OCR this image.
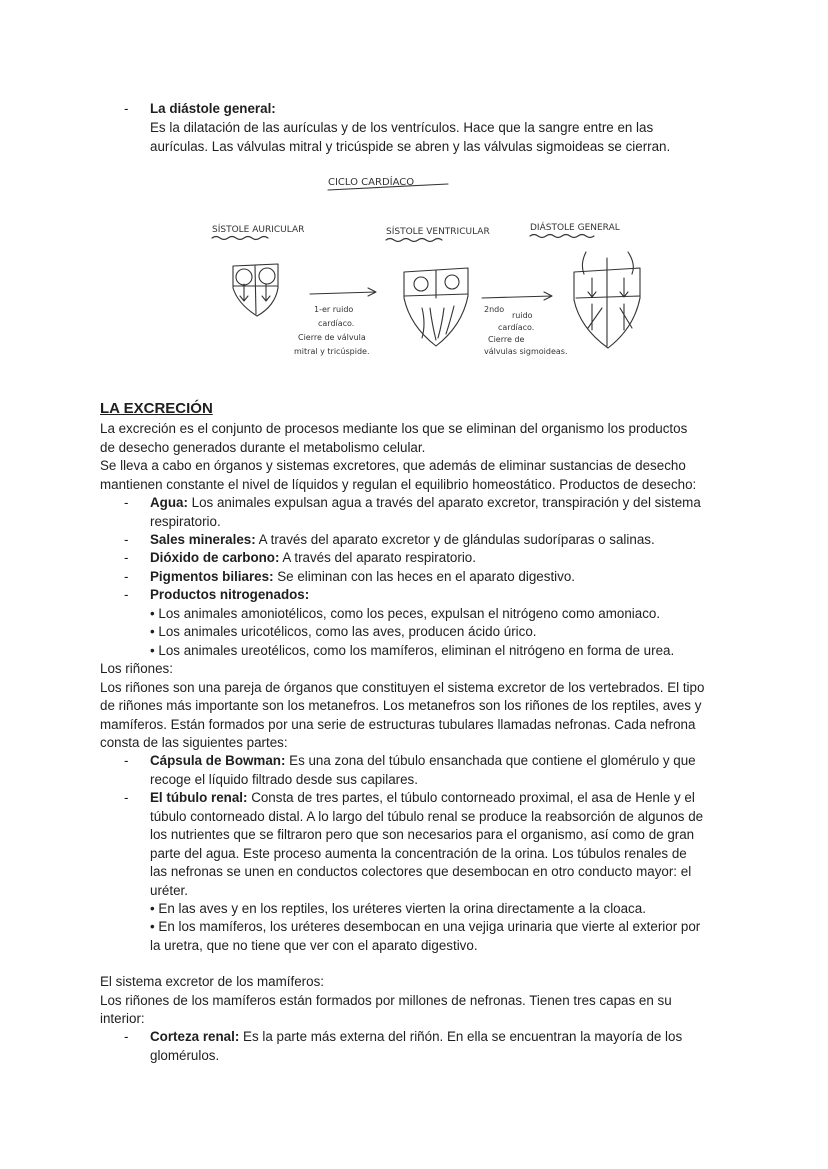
- La diástole general:
Es la dilatación de las aurículas y de los ventrículos. Hace que la sangre entre en las
aurículas. Las válvulas mitral y tricúspide se abren y las válvulas sigmoideas se cierran.
CICLO CARDÍACO
SÍSTOLE AURICULAR	SÍSTOLE VENTRICULAR	DIÁSTOLE GENERAL
1-er ruido
cardíaco.
Cierre de válvula
mitral y tricúspide.
2ndo
ruido
cardíaco.
Cierre de
válvulas sigmoideas.
LA EXCRECIÓN
La excreción es el conjunto de procesos mediante los que se eliminan del organismo los productos
de desecho generados durante el metabolismo celular.
Se lleva a cabo en órganos y sistemas excretores, que además de eliminar sustancias de desecho
mantienen constante el nivel de líquidos y regulan el equilibrio homeostático. Productos de desecho:
- Agua: Los animales expulsan agua a través del aparato excretor, transpiración y del sistema
respiratorio.
- Sales minerales: A través del aparato excretor y de glándulas sudoríparas o salinas.
- Dióxido de carbono: A través del aparato respiratorio.
- Pigmentos biliares: Se eliminan con las heces en el aparato digestivo.
- Productos nitrogenados:
• Los animales amoniotélicos, como los peces, expulsan el nitrógeno como amoniaco.
• Los animales uricotélicos, como las aves, producen ácido úrico.
• Los animales ureotélicos, como los mamíferos, eliminan el nitrógeno en forma de urea.
Los riñones:
Los riñones son una pareja de órganos que constituyen el sistema excretor de los vertebrados. El tipo
de riñones más importante son los metanefros. Los metanefros son los riñones de los reptiles, aves y
mamíferos. Están formados por una serie de estructuras tubulares llamadas nefronas. Cada nefrona
consta de las siguientes partes:
- Cápsula de Bowman: Es una zona del túbulo ensanchada que contiene el glomérulo y que
recoge el líquido filtrado desde sus capilares.
- El túbulo renal: Consta de tres partes, el túbulo contorneado proximal, el asa de Henle y el
túbulo contorneado distal. A lo largo del túbulo renal se produce la reabsorción de algunos de
los nutrientes que se filtraron pero que son necesarios para el organismo, así como de gran
parte del agua. Este proceso aumenta la concentración de la orina. Los túbulos renales de
las nefronas se unen en conductos colectores que desembocan en otro conducto mayor: el
uréter.
• En las aves y en los reptiles, los uréteres vierten la orina directamente a la cloaca.
• En los mamíferos, los uréteres desembocan en una vejiga urinaria que vierte al exterior por
la uretra, que no tiene que ver con el aparato digestivo.
El sistema excretor de los mamíferos:
Los riñones de los mamíferos están formados por millones de nefronas. Tienen tres capas en su
interior:
- Corteza renal: Es la parte más externa del riñón. En ella se encuentran la mayoría de los
glomérulos.
